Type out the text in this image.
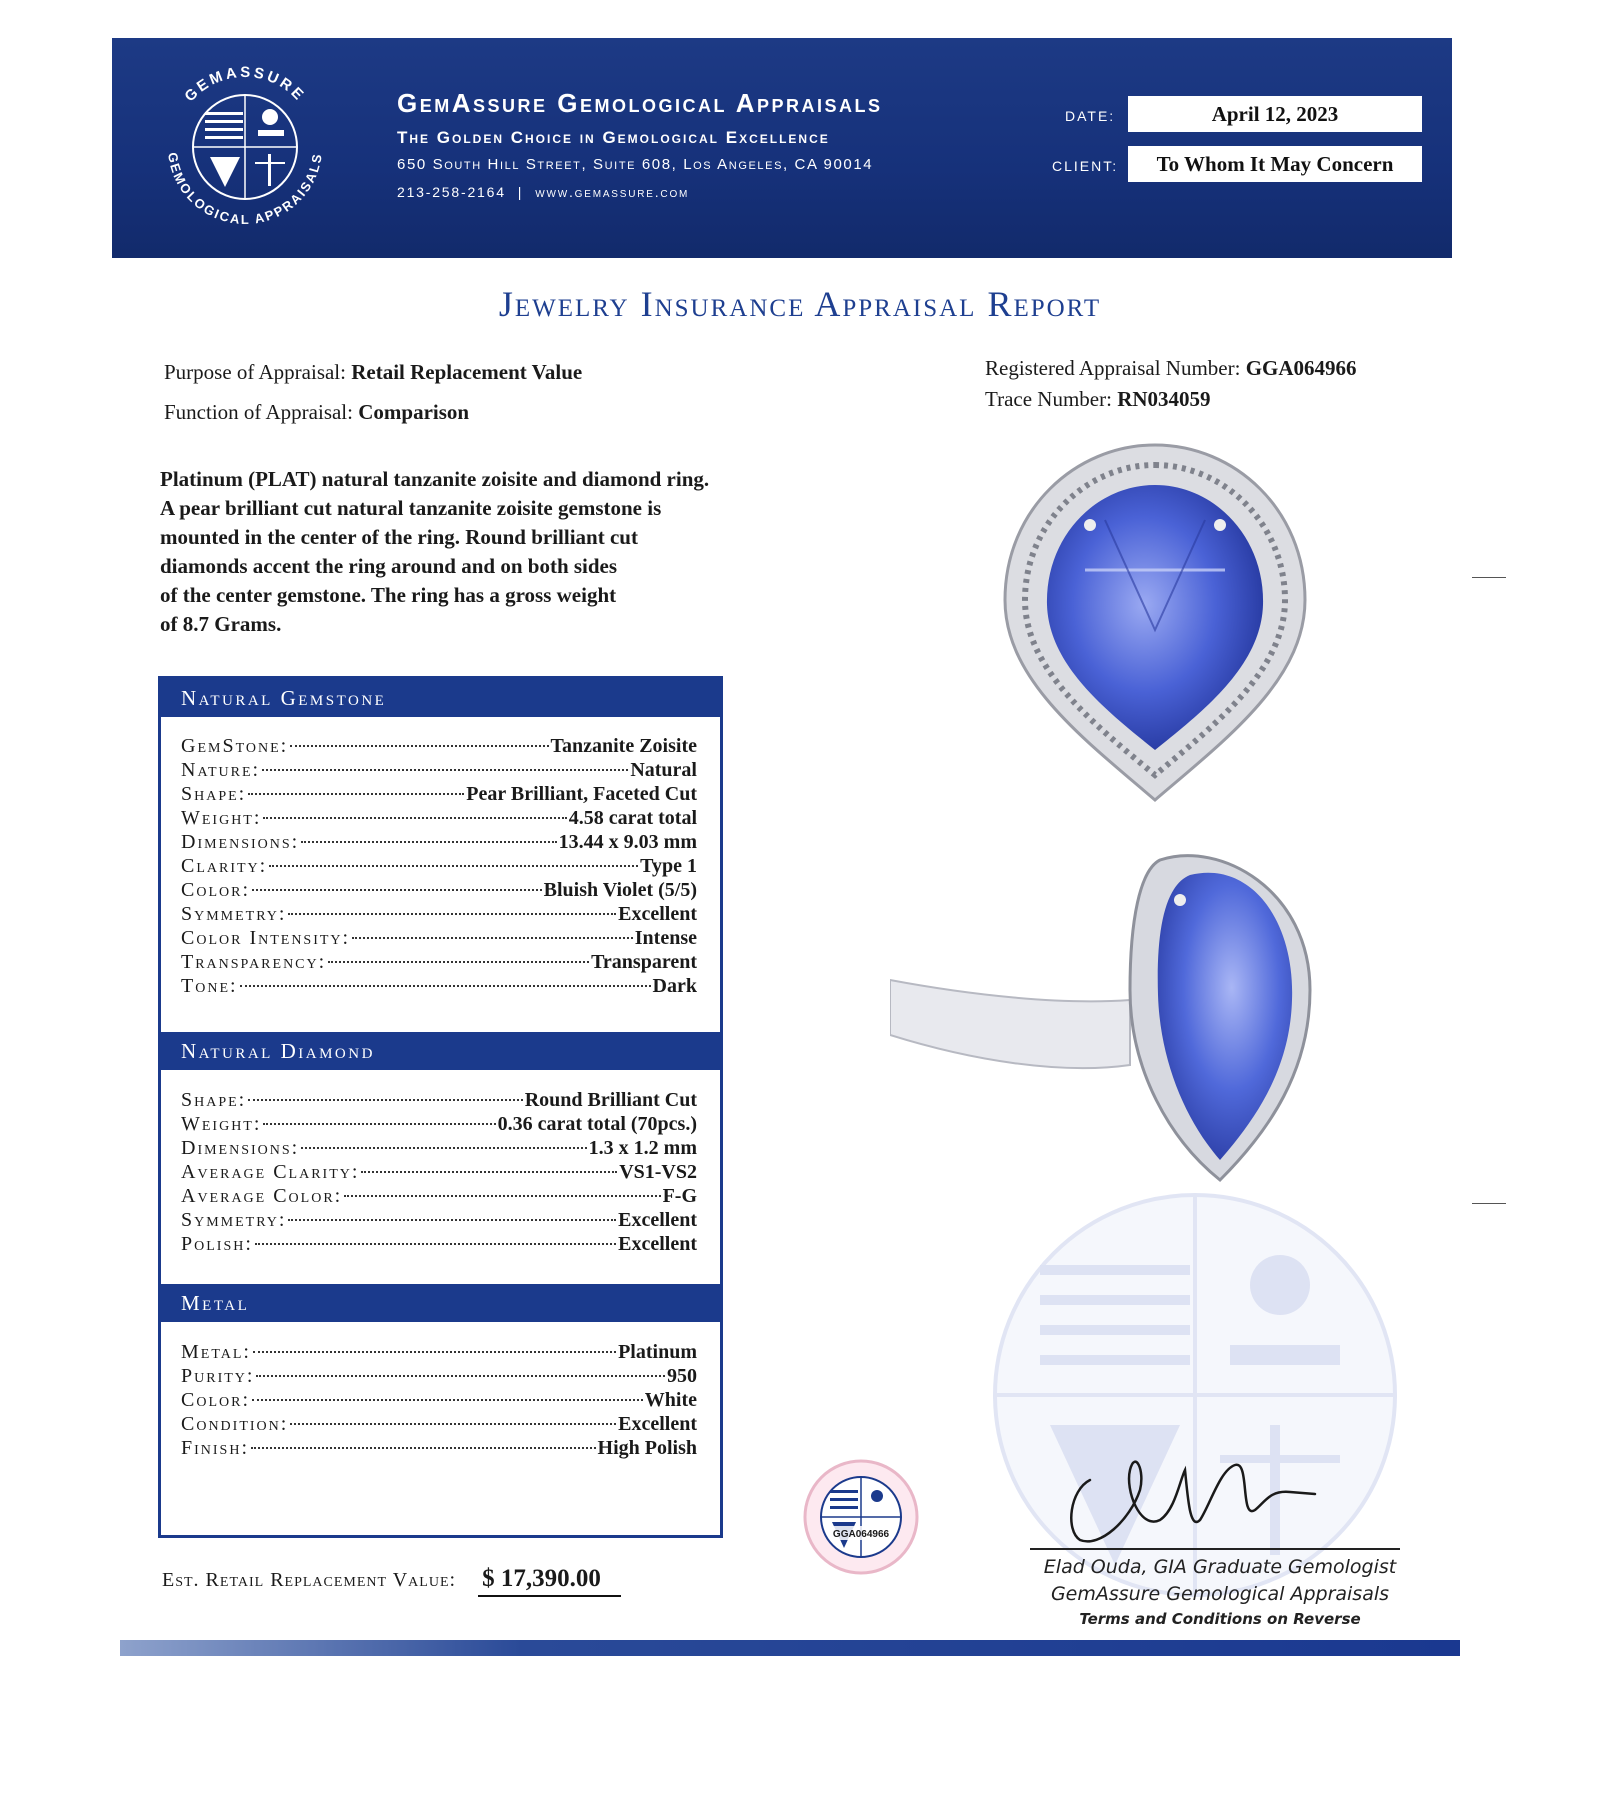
GEMASSURE
GEMOLOGICAL APPRAISALS
GemAssure Gemological Appraisals
The Golden Choice in Gemological Excellence
650 South Hill Street, Suite 608, Los Angeles, CA 90014
213-258-2164 | www.gemassure.com
DATE:	April 12, 2023
CLIENT:	To Whom It May Concern
Jewelry Insurance Appraisal Report
Purpose of Appraisal: Retail Replacement Value
Function of Appraisal: Comparison
Registered Appraisal Number: GGA064966
Trace Number: RN034059
Platinum (PLAT) natural tanzanite zoisite and diamond ring.
A pear brilliant cut natural tanzanite zoisite gemstone is
mounted in the center of the ring. Round brilliant cut
diamonds accent the ring around and on both sides
of the center gemstone. The ring has a gross weight
of 8.7 Grams.
Natural Gemstone
GemStone:	Tanzanite Zoisite
Nature:	Natural
Shape:	Pear Brilliant, Faceted Cut
Weight:	4.58 carat total
Dimensions:	13.44 x 9.03 mm
Clarity:	Type 1
Color:	Bluish Violet (5/5)
Symmetry:	Excellent
Color Intensity:	Intense
Transparency:	Transparent
Tone:	Dark
Natural Diamond
Shape:	Round Brilliant Cut
Weight:	0.36 carat total (70pcs.)
Dimensions:	1.3 x 1.2 mm
Average Clarity:	VS1-VS2
Average Color:	F-G
Symmetry:	Excellent
Polish:	Excellent
Metal
Metal:	Platinum
Purity:	950
Color:	White
Condition:	Excellent
Finish:	High Polish
Est. Retail Replacement Value: $ 17,390.00
GGA064966
Elad Ouda, GIA Graduate Gemologist
GemAssure Gemological Appraisals
Terms and Conditions on Reverse
